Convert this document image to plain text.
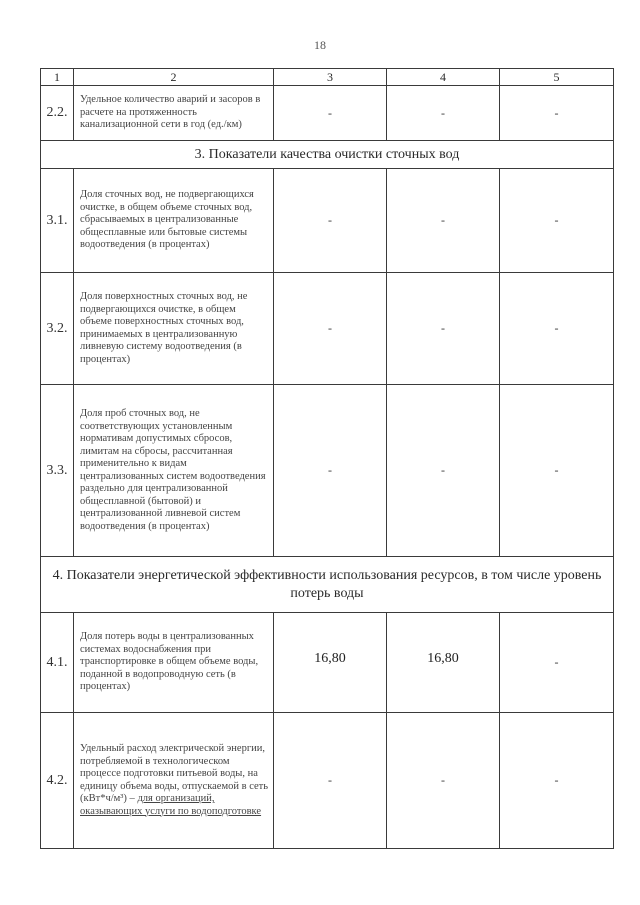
18
1	2	3	4	5
2.2.	Удельное количество аварий и засоров в расчете на протяженность канализационной сети в год (ед./км)	-	-	-
3. Показатели качества очистки сточных вод				
3.1.	Доля сточных вод, не подвергающихся очистке, в общем объеме сточных вод, сбрасываемых в централизованные общесплавные или бытовые системы водоотведения (в процентах)	-	-	-
3.2.	Доля поверхностных сточных вод, не подвергающихся очистке, в общем объеме поверхностных сточных вод, принимаемых в централизованную ливневую систему водоотведения (в процентах)	-	-	-
3.3.	Доля проб сточных вод, не соответствующих установленным нормативам допустимых сбросов, лимитам на сбросы, рассчитанная применительно к видам централизованных систем водоотведения раздельно для централизованной общесплавной (бытовой) и централизованной ливневой систем водоотведения (в процентах)	-	-	-
4. Показатели энергетической эффективности использования ресурсов, в том числе уровень потерь воды				
4.1.	Доля потерь воды в централизованных системах водоснабжения при транспортировке в общем объеме воды, поданной в водопроводную сеть (в процентах)	16,80	16,80	-
4.2.	Удельный расход электрической энергии, потребляемой в технологическом процессе подготовки питьевой воды, на единицу объема воды, отпускаемой в сеть (кВт*ч/м³) – для организаций, оказывающих услуги по водоподготовке	-	-	-
